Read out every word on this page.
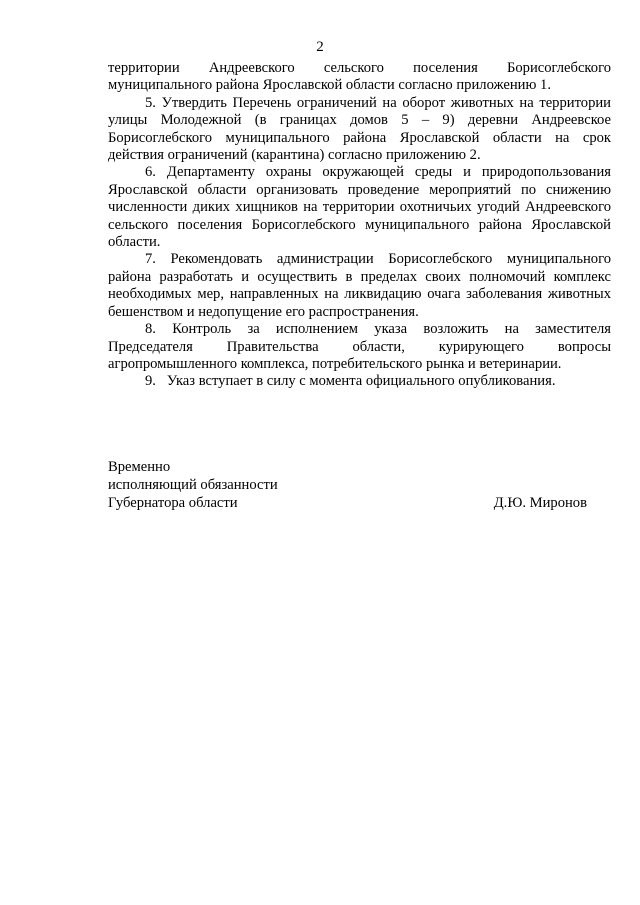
2

территории Андреевского сельского поселения Борисоглебского муниципального района Ярославской области согласно приложению 1.

5. Утвердить Перечень ограничений на оборот животных на территории улицы Молодежной (в границах домов 5 – 9) деревни Андреевское Борисоглебского муниципального района Ярославской области на срок действия ограничений (карантина) согласно приложению 2.

6. Департаменту охраны окружающей среды и природопользования Ярославской области организовать проведение мероприятий по снижению численности диких хищников на территории охотничьих угодий Андреевского сельского поселения Борисоглебского муниципального района Ярославской области.

7. Рекомендовать администрации Борисоглебского муниципального района разработать и осуществить в пределах своих полномочий комплекс необходимых мер, направленных на ликвидацию очага заболевания животных бешенством и недопущение его распространения.

8. Контроль за исполнением указа возложить на заместителя Председателя Правительства области, курирующего вопросы агропромышленного комплекса, потребительского рынка и ветеринарии.

9.   Указ вступает в силу с момента официального опубликования.

Временно
исполняющий обязанности
Губернатора области	Д.Ю. Миронов
